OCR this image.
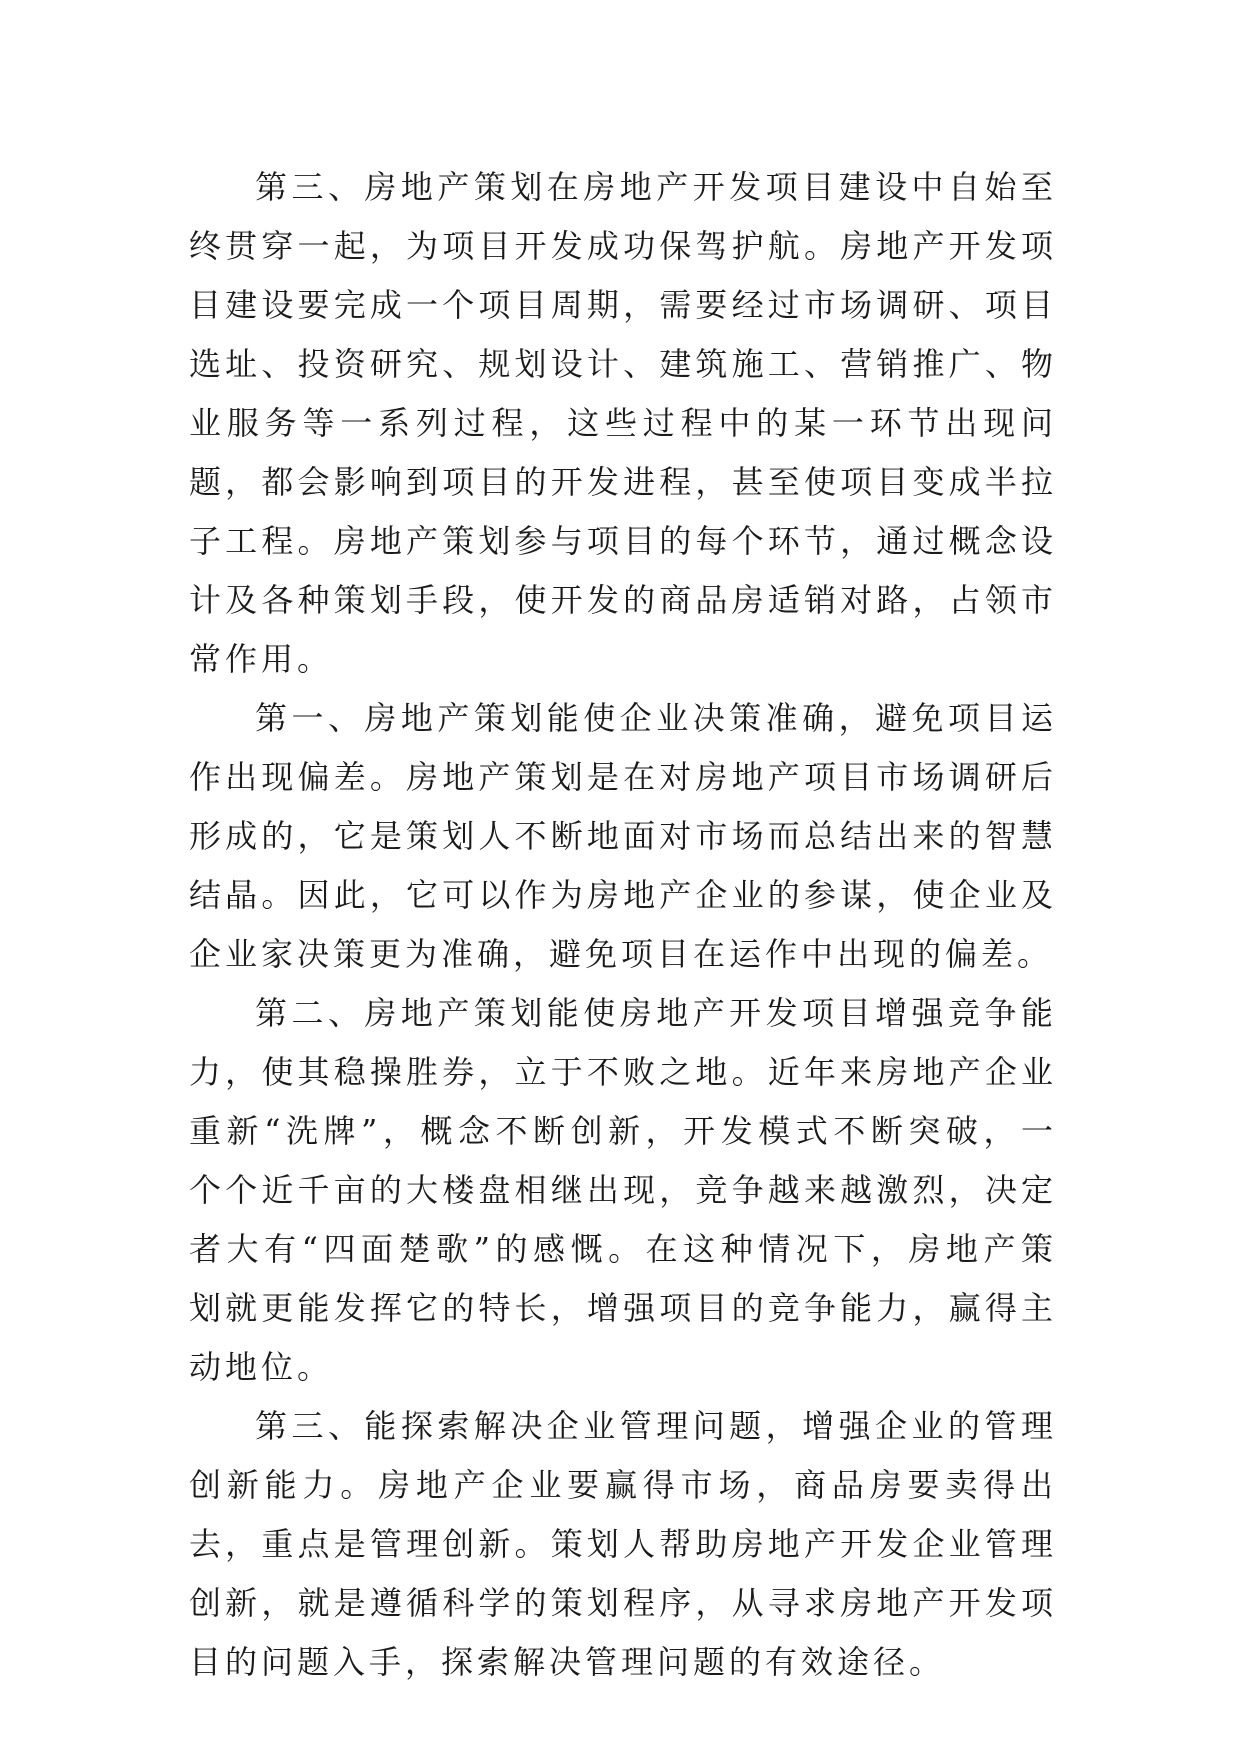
第三、房地产策划在房地产开发项目建设中自始至终贯穿一起，为项目开发成功保驾护航。房地产开发项目建设要完成一个项目周期，需要经过市场调研、项目选址、投资研究、规划设计、建筑施工、营销推广、物业服务等一系列过程，这些过程中的某一环节出现问题，都会影响到项目的开发进程，甚至使项目变成半拉子工程。房地产策划参与项目的每个环节，通过概念设计及各种策划手段，使开发的商品房适销对路，占领市常作用。

第一、房地产策划能使企业决策准确，避免项目运作出现偏差。房地产策划是在对房地产项目市场调研后形成的，它是策划人不断地面对市场而总结出来的智慧结晶。因此，它可以作为房地产企业的参谋，使企业及企业家决策更为准确，避免项目在运作中出现的偏差。

第二、房地产策划能使房地产开发项目增强竞争能力，使其稳操胜券，立于不败之地。近年来房地产企业重新“洗牌”，概念不断创新，开发模式不断突破，一个个近千亩的大楼盘相继出现，竞争越来越激烈，决定者大有“四面楚歌”的感慨。在这种情况下，房地产策划就更能发挥它的特长，增强项目的竞争能力，赢得主动地位。

第三、能探索解决企业管理问题，增强企业的管理创新能力。房地产企业要赢得市场，商品房要卖得出去，重点是管理创新。策划人帮助房地产开发企业管理创新，就是遵循科学的策划程序，从寻求房地产开发项目的问题入手，探索解决管理问题的有效途径。
